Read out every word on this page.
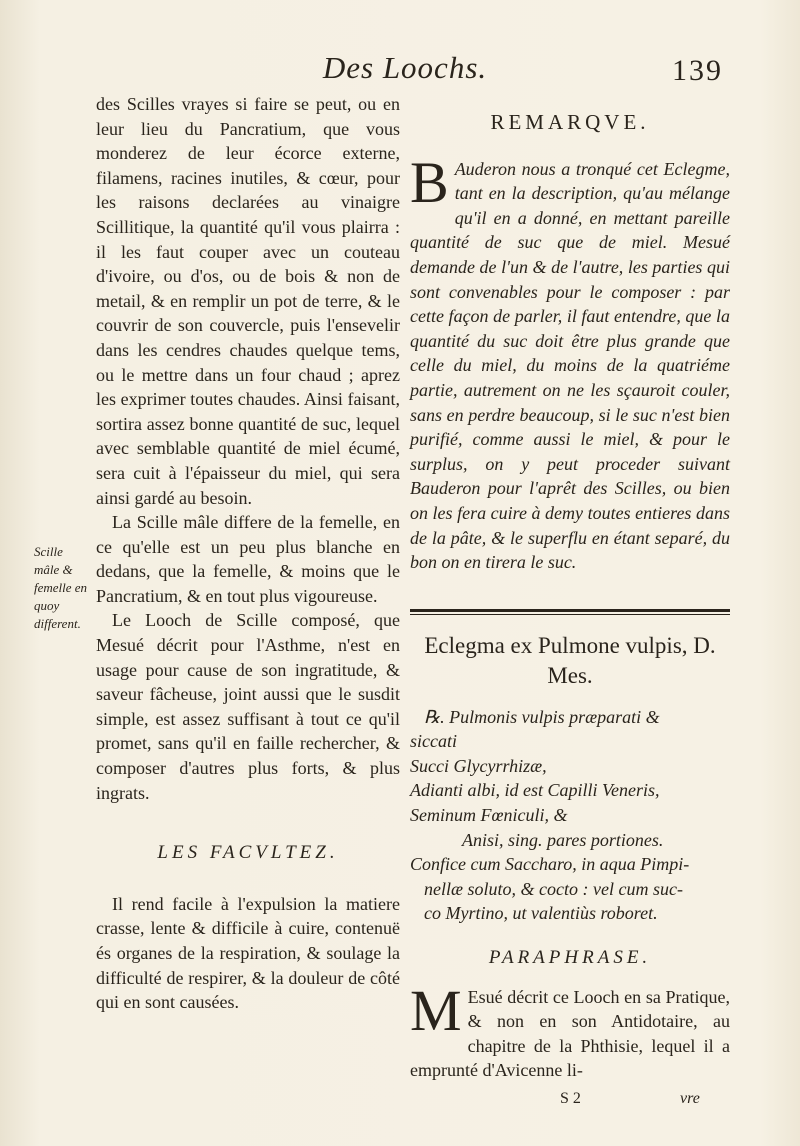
Des Loochs.	139
Scille mâle & femelle en quoy different.

des Scilles vrayes si faire se peut, ou en leur lieu du Pancratium, que vous monderez de leur écorce externe, filamens, racines inutiles, & cœur, pour les raisons declarées au vinaigre Scillitique, la quantité qu'il vous plairra : il les faut couper avec un couteau d'ivoire, ou d'os, ou de bois & non de metail, & en remplir un pot de terre, & le couvrir de son couvercle, puis l'ensevelir dans les cendres chaudes quelque tems, ou le mettre dans un four chaud ; aprez les exprimer toutes chaudes. Ainsi faisant, sortira assez bonne quantité de suc, lequel avec semblable quantité de miel écumé, sera cuit à l'épaisseur du miel, qui sera ainsi gardé au besoin.

La Scille mâle differe de la femelle, en ce qu'elle est un peu plus blanche en dedans, que la femelle, & moins que le Pancratium, & en tout plus vigoureuse.

Le Looch de Scille composé, que Mesué décrit pour l'Asthme, n'est en usage pour cause de son ingratitude, & saveur fâcheuse, joint aussi que le susdit simple, est assez suffisant à tout ce qu'il promet, sans qu'il en faille rechercher, & composer d'autres plus forts, & plus ingrats.

LES FACVLTEZ.

Il rend facile à l'expulsion la matiere crasse, lente & difficile à cuire, contenuë és organes de la respiration, & soulage la difficulté de respirer, & la douleur de côté qui en sont causées.

REMARQVE.

B Auderon nous a tronqué cet Eclegme, tant en la description, qu'au mélange qu'il en a donné, en mettant pareille quantité de suc que de miel. Mesué demande de l'un & de l'autre, les parties qui sont convenables pour le composer : par cette façon de parler, il faut entendre, que la quantité du suc doit être plus grande que celle du miel, du moins de la quatriéme partie, autrement on ne les sçauroit couler, sans en perdre beaucoup, si le suc n'est bien purifié, comme aussi le miel, & pour le surplus, on y peut proceder suivant Bauderon pour l'aprêt des Scilles, ou bien on les fera cuire à demy toutes entieres dans de la pâte, & le superflu en étant separé, du bon on en tirera le suc.

Eclegma ex Pulmone vulpis, D. Mes.
℞. Pulmonis vulpis præparati &
siccati
Succi Glycyrrhizæ,
Adianti albi, id est Capilli Veneris,
Seminum Fœniculi, &
Anisi, sing. pares portiones.
Confice cum Saccharo, in aqua Pimpi-
nellæ soluto, & cocto : vel cum suc-
co Myrtino, ut valentiùs roboret.
PARAPHRASE.

M Esué décrit ce Looch en sa Pratique, & non en son Antidotaire, au chapitre de la Phthisie, lequel il a emprunté d'Avicenne li-

S 2	vre
